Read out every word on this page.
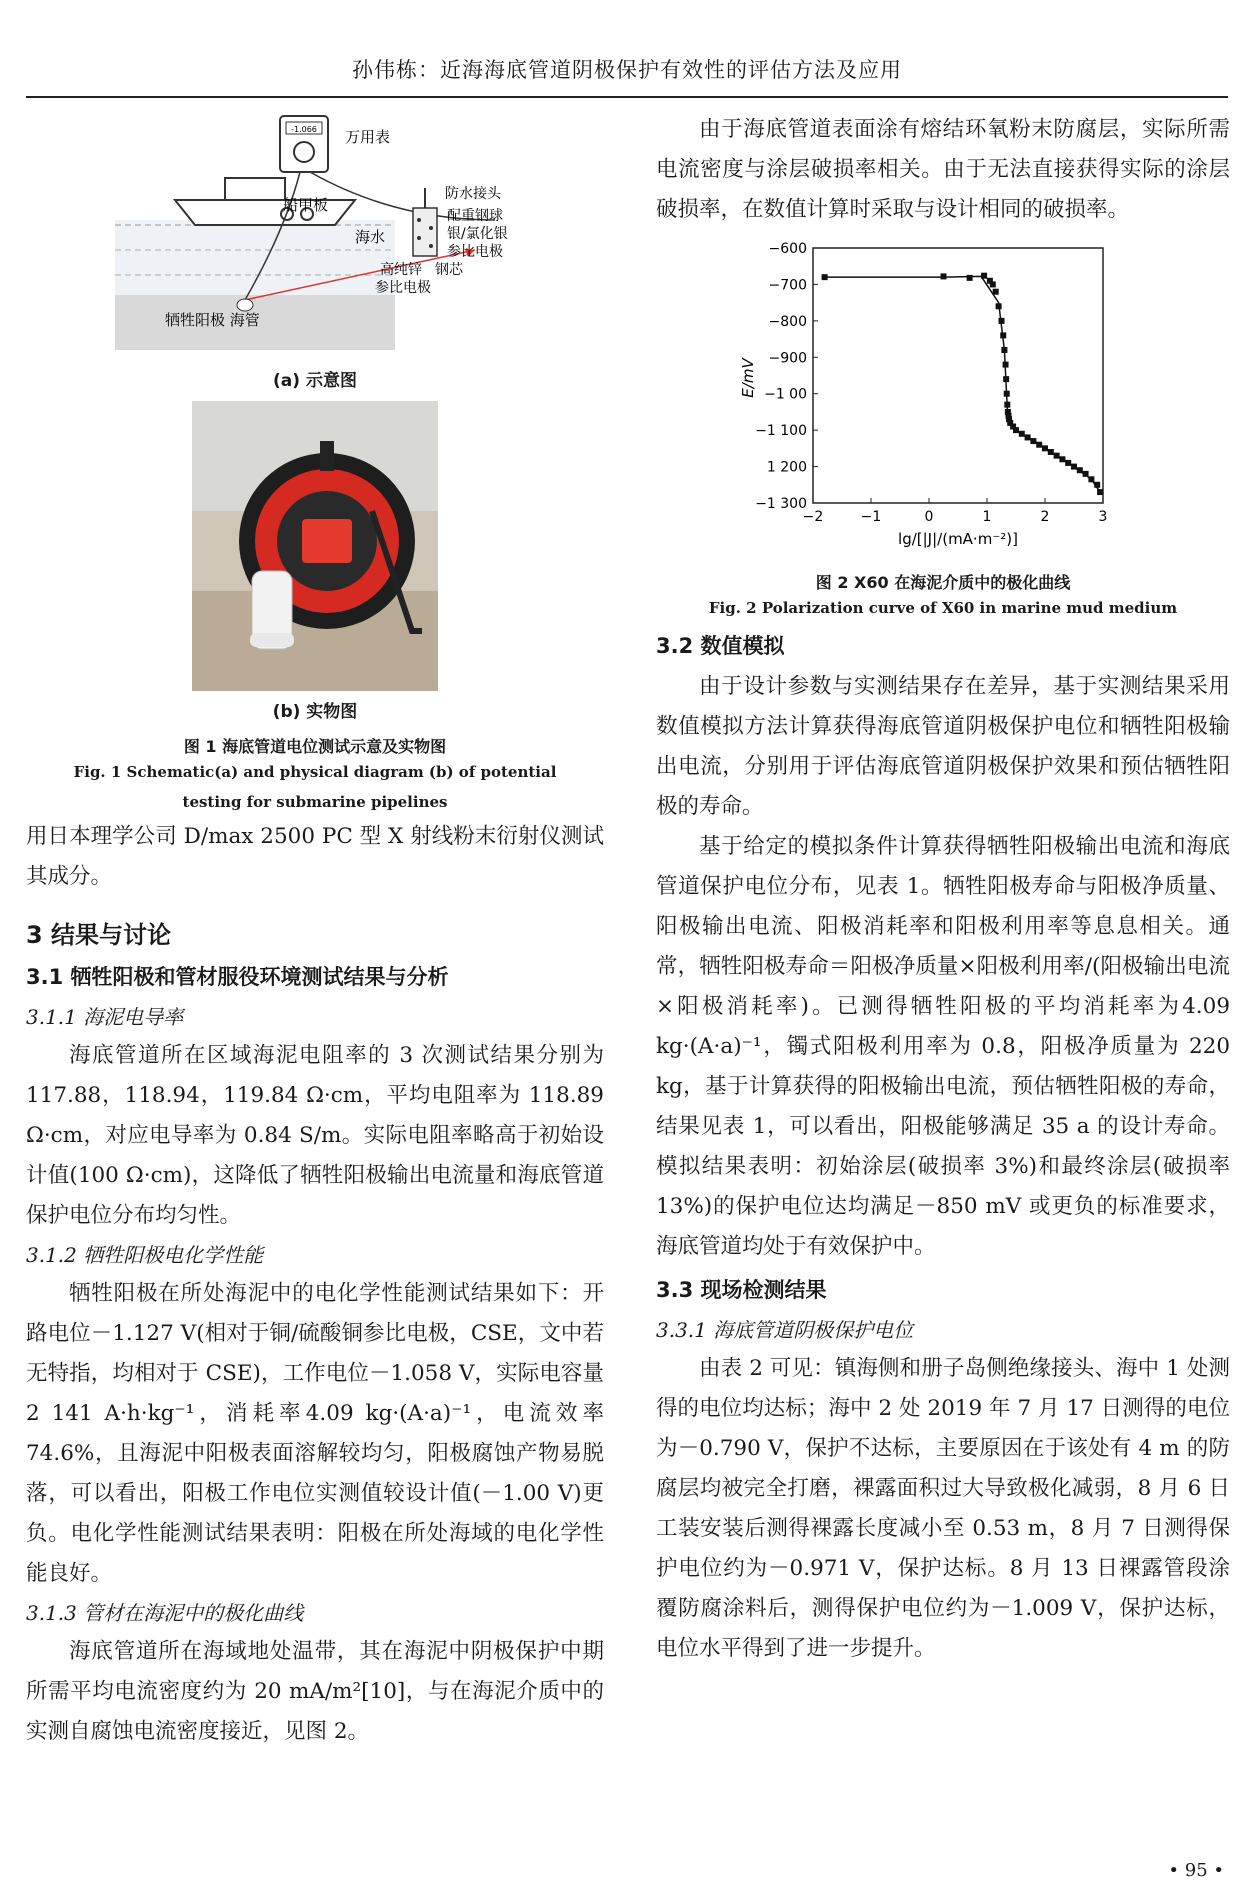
孙伟栋：近海海底管道阴极保护有效性的评估方法及应用
-1.066 万用表
船甲板
海水
牺牲阳极 海管
防水接头
配重钢球
银/氯化银
参比电极
高纯锌 钢芯
参比电极
(a) 示意图
(b) 实物图
图 1 海底管道电位测试示意及实物图
Fig. 1 Schematic(a) and physical diagram (b) of potential
testing for submarine pipelines

用日本理学公司 D/max 2500 PC 型 X 射线粉末衍射仪测试其成分。

3 结果与讨论
3.1 牺牲阳极和管材服役环境测试结果与分析
3.1.1 海泥电导率

海底管道所在区域海泥电阻率的 3 次测试结果分别为 117.88，118.94，119.84 Ω·cm，平均电阻率为 118.89 Ω·cm，对应电导率为 0.84 S/m。实际电阻率略高于初始设计值(100 Ω·cm)，这降低了牺牲阳极输出电流量和海底管道保护电位分布均匀性。

3.1.2 牺牲阳极电化学性能

牺牲阳极在所处海泥中的电化学性能测试结果如下：开路电位－1.127 V(相对于铜/硫酸铜参比电极，CSE，文中若无特指，均相对于 CSE)，工作电位－1.058 V，实际电容量 2 141 A·h·kg⁻¹，消耗率4.09 kg·(A·a)⁻¹，电流效率 74.6%，且海泥中阳极表面溶解较均匀，阳极腐蚀产物易脱落，可以看出，阳极工作电位实测值较设计值(－1.00 V)更负。电化学性能测试结果表明：阳极在所处海域的电化学性能良好。

3.1.3 管材在海泥中的极化曲线

海底管道所在海域地处温带，其在海泥中阴极保护中期所需平均电流密度约为 20 mA/m²[10]，与在海泥介质中的实测自腐蚀电流密度接近，见图 2。

由于海底管道表面涂有熔结环氧粉末防腐层，实际所需电流密度与涂层破损率相关。由于无法直接获得实际的涂层破损率，在数值计算时采取与设计相同的破损率。

−600
−700
−800
−900
−1 00
−1 100
1 200
−1 300
−2	−1	0	1	2	3
E/mV
lg/[|J|/(mA·m⁻²)]
图 2 X60 在海泥介质中的极化曲线
Fig. 2 Polarization curve of X60 in marine mud medium
3.2 数值模拟

由于设计参数与实测结果存在差异，基于实测结果采用数值模拟方法计算获得海底管道阴极保护电位和牺牲阳极输出电流，分别用于评估海底管道阴极保护效果和预估牺牲阳极的寿命。

基于给定的模拟条件计算获得牺牲阳极输出电流和海底管道保护电位分布，见表 1。牺牲阳极寿命与阳极净质量、阳极输出电流、阳极消耗率和阳极利用率等息息相关。通常，牺牲阳极寿命＝阳极净质量×阳极利用率/(阳极输出电流×阳极消耗率)。已测得牺牲阳极的平均消耗率为4.09 kg·(A·a)⁻¹，镯式阳极利用率为 0.8，阳极净质量为 220 kg，基于计算获得的阳极输出电流，预估牺牲阳极的寿命，结果见表 1，可以看出，阳极能够满足 35 a 的设计寿命。模拟结果表明：初始涂层(破损率 3%)和最终涂层(破损率 13%)的保护电位达均满足－850 mV 或更负的标准要求，海底管道均处于有效保护中。

3.3 现场检测结果
3.3.1 海底管道阴极保护电位

由表 2 可见：镇海侧和册子岛侧绝缘接头、海中 1 处测得的电位均达标；海中 2 处 2019 年 7 月 17 日测得的电位为－0.790 V，保护不达标，主要原因在于该处有 4 m 的防腐层均被完全打磨，裸露面积过大导致极化减弱，8 月 6 日工装安装后测得裸露长度减小至 0.53 m，8 月 7 日测得保护电位约为－0.971 V，保护达标。8 月 13 日裸露管段涂覆防腐涂料后，测得保护电位约为－1.009 V，保护达标，电位水平得到了进一步提升。

• 95 •
